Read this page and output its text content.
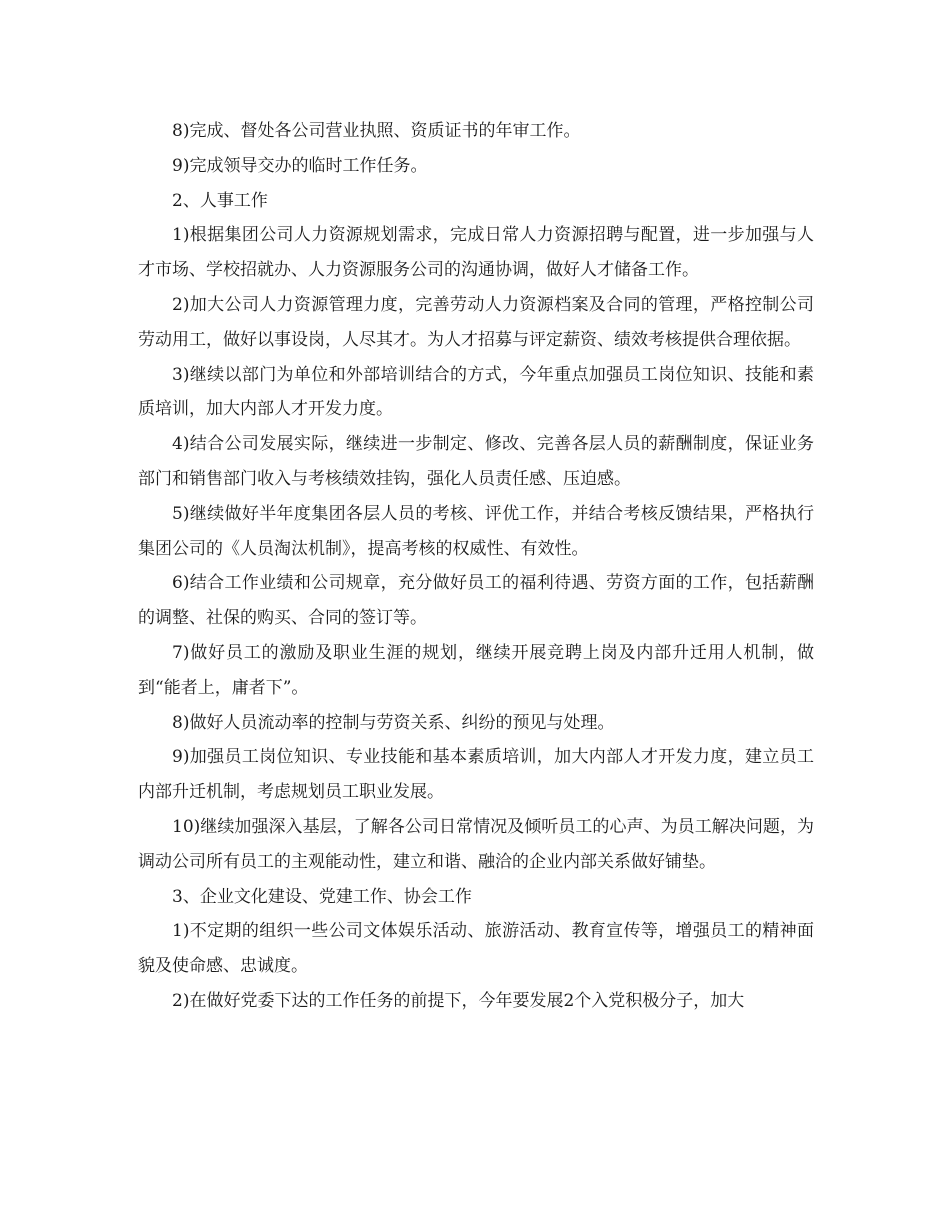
8)完成、督处各公司营业执照、资质证书的年审工作。

9)完成领导交办的临时工作任务。

2、人事工作

1)根据集团公司人力资源规划需求，完成日常人力资源招聘与配置，进一步加强与人才市场、学校招就办、人力资源服务公司的沟通协调，做好人才储备工作。

2)加大公司人力资源管理力度，完善劳动人力资源档案及合同的管理，严格控制公司劳动用工，做好以事设岗，人尽其才。为人才招募与评定薪资、绩效考核提供合理依据。

3)继续以部门为单位和外部培训结合的方式，今年重点加强员工岗位知识、技能和素质培训，加大内部人才开发力度。

4)结合公司发展实际，继续进一步制定、修改、完善各层人员的薪酬制度，保证业务部门和销售部门收入与考核绩效挂钩，强化人员责任感、压迫感。

5)继续做好半年度集团各层人员的考核、评优工作，并结合考核反馈结果，严格执行集团公司的《人员淘汰机制》，提高考核的权威性、有效性。

6)结合工作业绩和公司规章，充分做好员工的福利待遇、劳资方面的工作，包括薪酬的调整、社保的购买、合同的签订等。

7)做好员工的激励及职业生涯的规划，继续开展竞聘上岗及内部升迁用人机制，做到“能者上，庸者下”。

8)做好人员流动率的控制与劳资关系、纠纷的预见与处理。

9)加强员工岗位知识、专业技能和基本素质培训，加大内部人才开发力度，建立员工内部升迁机制，考虑规划员工职业发展。

10)继续加强深入基层，了解各公司日常情况及倾听员工的心声、为员工解决问题，为调动公司所有员工的主观能动性，建立和谐、融洽的企业内部关系做好铺垫。

3、企业文化建设、党建工作、协会工作

1)不定期的组织一些公司文体娱乐活动、旅游活动、教育宣传等，增强员工的精神面貌及使命感、忠诚度。

2)在做好党委下达的工作任务的前提下，今年要发展2个入党积极分子，加大
